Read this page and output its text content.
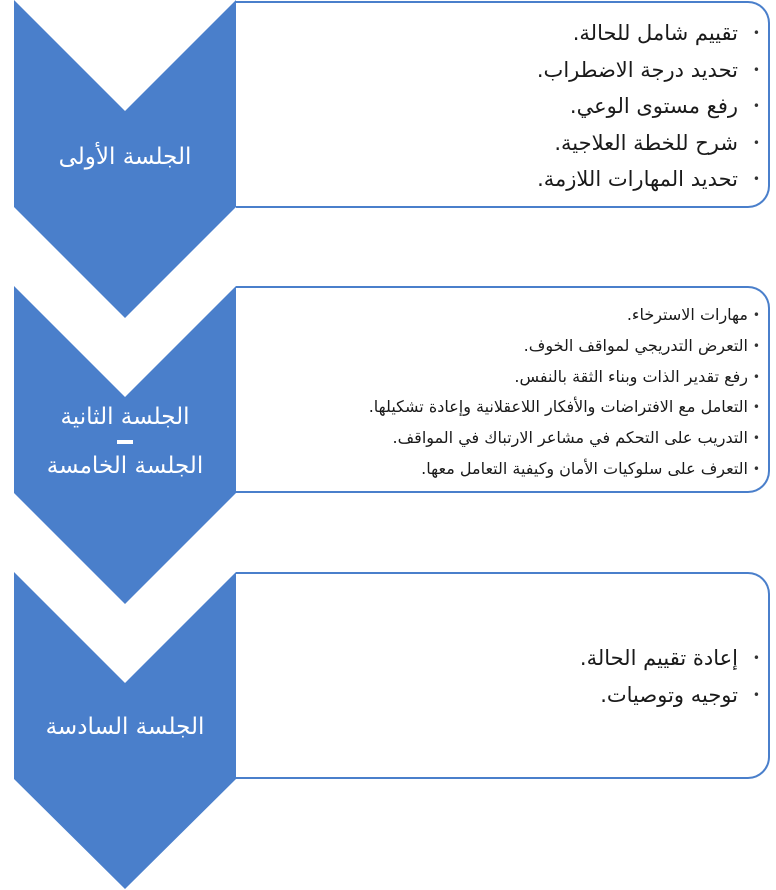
الجلسة الأولى
• تقييم شامل للحالة.
• تحديد درجة الاضطراب.
• رفع مستوى الوعي.
• شرح للخطة العلاجية.
• تحديد المهارات اللازمة.
الجلسة الثانية
الجلسة الخامسة
• مهارات الاسترخاء.
• التعرض التدريجي لمواقف الخوف.
• رفع تقدير الذات وبناء الثقة بالنفس.
• التعامل مع الافتراضات والأفكار اللاعقلانية وإعادة تشكيلها.
• التدريب على التحكم في مشاعر الارتباك في المواقف.
• التعرف على سلوكيات الأمان وكيفية التعامل معها.
الجلسة السادسة
• إعادة تقييم الحالة.
• توجيه وتوصيات.
